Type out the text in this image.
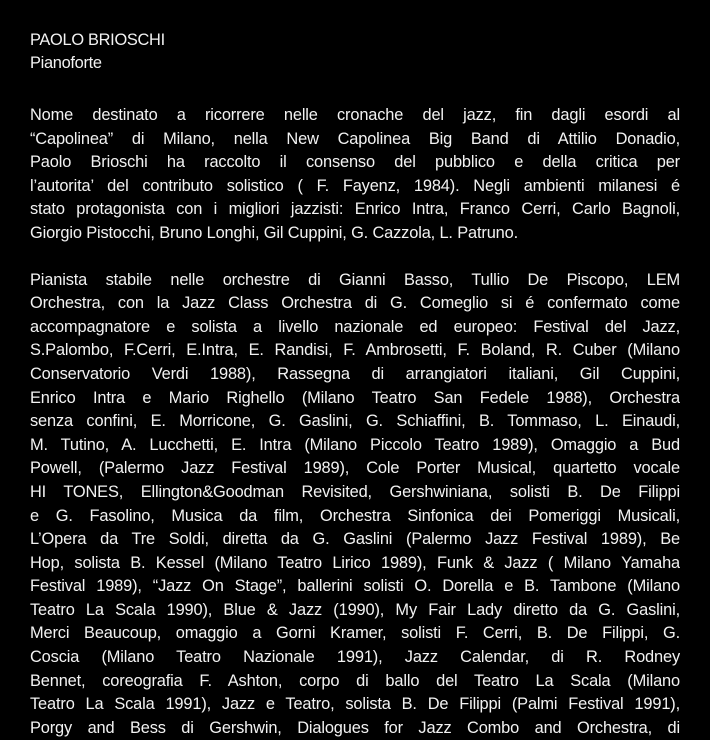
PAOLO BRIOSCHI
Pianoforte

Nome destinato a ricorrere nelle cronache del jazz, fin dagli esordi al
“Capolinea” di Milano, nella New Capolinea Big Band di Attilio Donadio,
Paolo Brioschi ha raccolto il consenso del pubblico e della critica per
l’autorita’ del contributo solistico ( F. Fayenz, 1984). Negli ambienti milanesi é
stato protagonista con i migliori jazzisti: Enrico Intra, Franco Cerri, Carlo Bagnoli,
Giorgio Pistocchi, Bruno Longhi, Gil Cuppini, G. Cazzola, L. Patruno.

Pianista stabile nelle orchestre di Gianni Basso, Tullio De Piscopo, LEM
Orchestra, con la Jazz Class Orchestra di G. Comeglio si é confermato come
accompagnatore e solista a livello nazionale ed europeo: Festival del Jazz,
S.Palombo, F.Cerri, E.Intra, E. Randisi, F. Ambrosetti, F. Boland, R. Cuber (Milano
Conservatorio Verdi 1988), Rassegna di arrangiatori italiani, Gil Cuppini,
Enrico Intra e Mario Righello (Milano Teatro San Fedele 1988), Orchestra
senza confini, E. Morricone, G. Gaslini, G. Schiaffini, B. Tommaso, L. Einaudi,
M. Tutino, A. Lucchetti, E. Intra (Milano Piccolo Teatro 1989), Omaggio a Bud
Powell, (Palermo Jazz Festival 1989), Cole Porter Musical, quartetto vocale
HI TONES, Ellington&Goodman Revisited, Gershwiniana, solisti B. De Filippi
e G. Fasolino, Musica da film, Orchestra Sinfonica dei Pomeriggi Musicali,
L’Opera da Tre Soldi, diretta da G. Gaslini (Palermo Jazz Festival 1989), Be
Hop, solista B. Kessel (Milano Teatro Lirico 1989), Funk & Jazz ( Milano Yamaha
Festival 1989), “Jazz On Stage”, ballerini solisti O. Dorella e B. Tambone (Milano
Teatro La Scala 1990), Blue & Jazz (1990), My Fair Lady diretto da G. Gaslini,
Merci Beaucoup, omaggio a Gorni Kramer, solisti F. Cerri, B. De Filippi, G.
Coscia (Milano Teatro Nazionale 1991), Jazz Calendar, di R. Rodney
Bennet, coreografia F. Ashton, corpo di ballo del Teatro La Scala (Milano
Teatro La Scala 1991), Jazz e Teatro, solista B. De Filippi (Palmi Festival 1991),
Porgy and Bess di Gershwin, Dialogues for Jazz Combo and Orchestra, di
